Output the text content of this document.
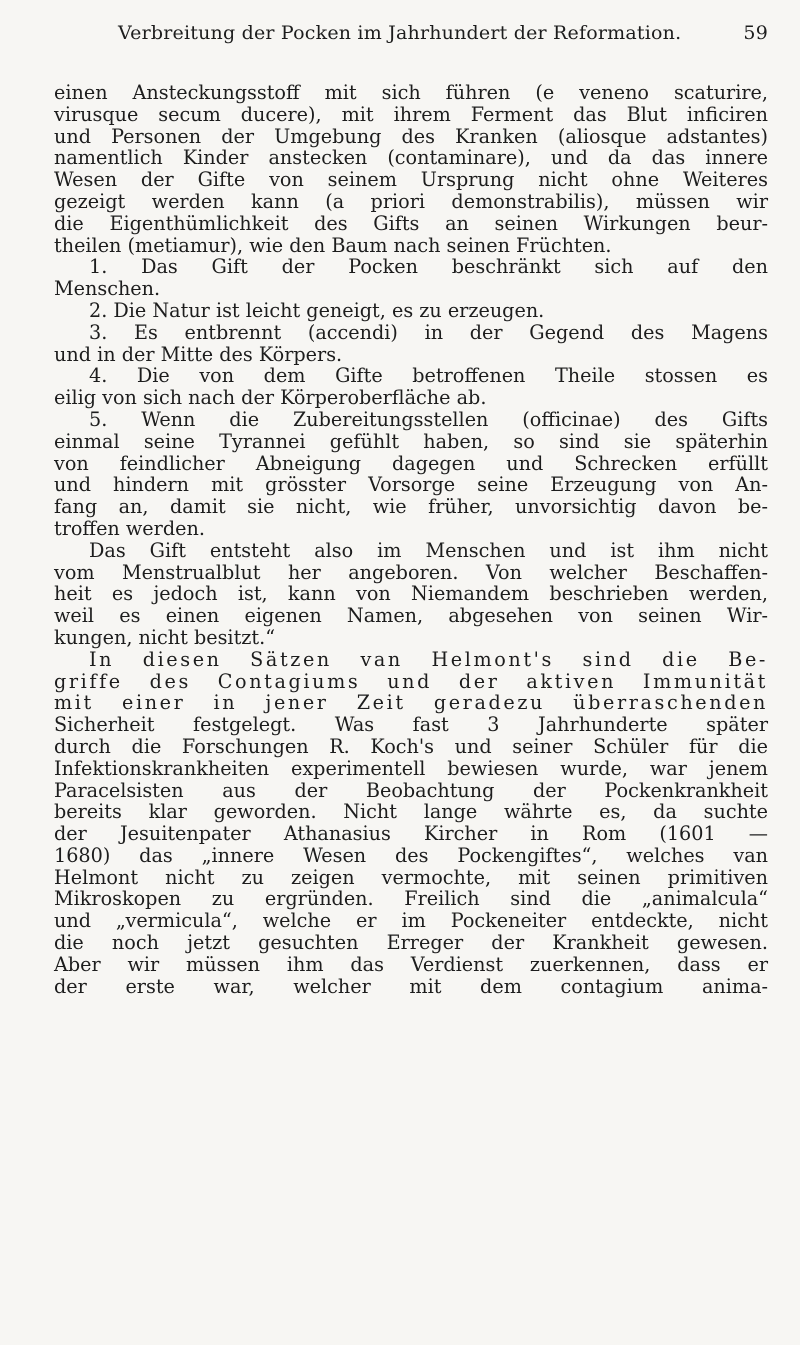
Verbreitung der Pocken im Jahrhundert der Reformation.	59
einen Ansteckungsstoff mit sich führen (e veneno scaturire,
virusque secum ducere), mit ihrem Ferment das Blut inficiren
und Personen der Umgebung des Kranken (aliosque adstantes)
namentlich Kinder anstecken (contaminare), und da das innere
Wesen der Gifte von seinem Ursprung nicht ohne Weiteres
gezeigt werden kann (a priori demonstrabilis), müssen wir
die Eigenthümlichkeit des Gifts an seinen Wirkungen beur-
theilen (metiamur), wie den Baum nach seinen Früchten.
1. Das Gift der Pocken beschränkt sich auf den
Menschen.
2. Die Natur ist leicht geneigt, es zu erzeugen.
3. Es entbrennt (accendi) in der Gegend des Magens
und in der Mitte des Körpers.
4. Die von dem Gifte betroffenen Theile stossen es
eilig von sich nach der Körperoberfläche ab.
5. Wenn die Zubereitungsstellen (officinae) des Gifts
einmal seine Tyrannei gefühlt haben, so sind sie späterhin
von feindlicher Abneigung dagegen und Schrecken erfüllt
und hindern mit grösster Vorsorge seine Erzeugung von An-
fang an, damit sie nicht, wie früher, unvorsichtig davon be-
troffen werden.
Das Gift entsteht also im Menschen und ist ihm nicht
vom Menstrualblut her angeboren. Von welcher Beschaffen-
heit es jedoch ist, kann von Niemandem beschrieben werden,
weil es einen eigenen Namen, abgesehen von seinen Wir-
kungen, nicht besitzt.“
In diesen Sätzen van Helmont's sind die Be-
griffe des Contagiums und der aktiven Immunität
mit einer in jener Zeit geradezu überraschenden
Sicherheit festgelegt. Was fast 3 Jahrhunderte später
durch die Forschungen R. Koch's und seiner Schüler für die
Infektionskrankheiten experimentell bewiesen wurde, war jenem
Paracelsisten aus der Beobachtung der Pockenkrankheit
bereits klar geworden. Nicht lange währte es, da suchte
der Jesuitenpater Athanasius Kircher in Rom (1601 —
1680) das „innere Wesen des Pockengiftes“, welches van
Helmont nicht zu zeigen vermochte, mit seinen primitiven
Mikroskopen zu ergründen. Freilich sind die „animalcula“
und „vermicula“, welche er im Pockeneiter entdeckte, nicht
die noch jetzt gesuchten Erreger der Krankheit gewesen.
Aber wir müssen ihm das Verdienst zuerkennen, dass er
der erste war, welcher mit dem contagium anima-
